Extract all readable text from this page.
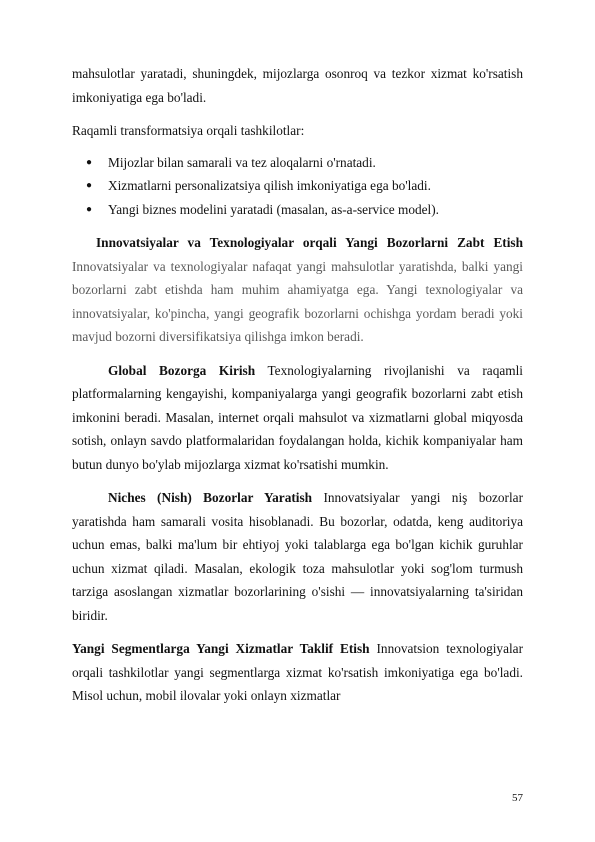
mahsulotlar yaratadi, shuningdek, mijozlarga osonroq va tezkor xizmat ko'rsatish imkoniyatiga ega bo'ladi.

Raqamli transformatsiya orqali tashkilotlar:

● Mijozlar bilan samarali va tez aloqalarni o'rnatadi.
● Xizmatlarni personalizatsiya qilish imkoniyatiga ega bo'ladi.
● Yangi biznes modelini yaratadi (masalan, as-a-service model).

Innovatsiyalar va Texnologiyalar orqali Yangi Bozorlarni Zabt Etish Innovatsiyalar va texnologiyalar nafaqat yangi mahsulotlar yaratishda, balki yangi bozorlarni zabt etishda ham muhim ahamiyatga ega. Yangi texnologiyalar va innovatsiyalar, ko'pincha, yangi geografik bozorlarni ochishga yordam beradi yoki mavjud bozorni diversifikatsiya qilishga imkon beradi.

Global Bozorga Kirish Texnologiyalarning rivojlanishi va raqamli platformalarning kengayishi, kompaniyalarga yangi geografik bozorlarni zabt etish imkonini beradi. Masalan, internet orqali mahsulot va xizmatlarni global miqyosda sotish, onlayn savdo platformalaridan foydalangan holda, kichik kompaniyalar ham butun dunyo bo'ylab mijozlarga xizmat ko'rsatishi mumkin.

Niches (Nish) Bozorlar Yaratish Innovatsiyalar yangi niş bozorlar yaratishda ham samarali vosita hisoblanadi. Bu bozorlar, odatda, keng auditoriya uchun emas, balki ma'lum bir ehtiyoj yoki talablarga ega bo'lgan kichik guruhlar uchun xizmat qiladi. Masalan, ekologik toza mahsulotlar yoki sog'lom turmush tarziga asoslangan xizmatlar bozorlarining o'sishi — innovatsiyalarning ta'siridan biridir.

Yangi Segmentlarga Yangi Xizmatlar Taklif Etish Innovatsion texnologiyalar orqali tashkilotlar yangi segmentlarga xizmat ko'rsatish imkoniyatiga ega bo'ladi. Misol uchun, mobil ilovalar yoki onlayn xizmatlar

57
